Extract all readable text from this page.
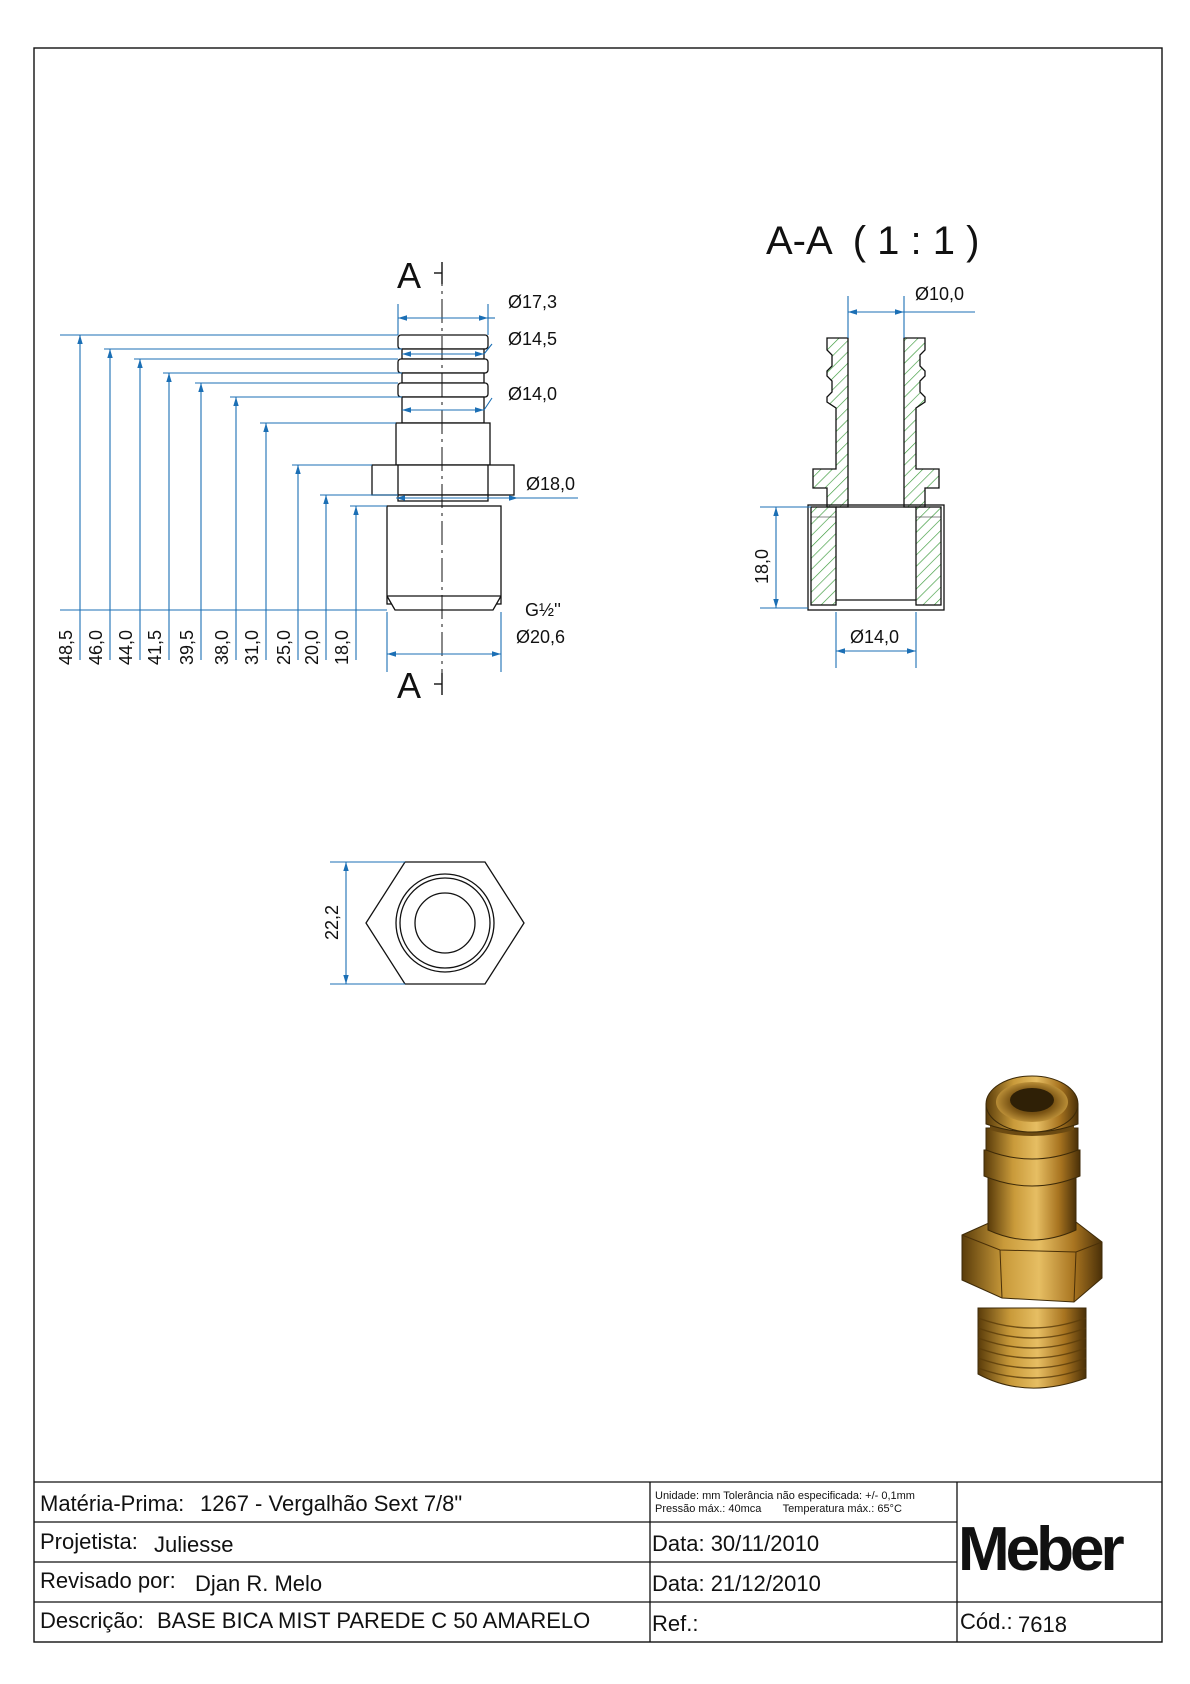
A
A
Ø17,3
Ø14,5
Ø14,0
Ø18,0
G½''
Ø20,6
48,5 46,0 44,0 41,5 39,5 38,0 31,0 25,0 20,0 18,0
A-A  ( 1 : 1 )
Ø10,0
18,0
Ø14,0
22,2
Matéria-Prima: 1267 - Vergalhão Sext 7/8"
Projetista: Juliesse
Revisado por: Djan R. Melo
Descrição: BASE BICA MIST PAREDE C 50 AMARELO
Unidade: mm Tolerância não especificada: +/- 0,1mm
Pressão máx.: 40mca       Temperatura máx.: 65°C
Data: 30/11/2010
Data: 21/12/2010
Ref.:
Meber
Cód.: 7618
